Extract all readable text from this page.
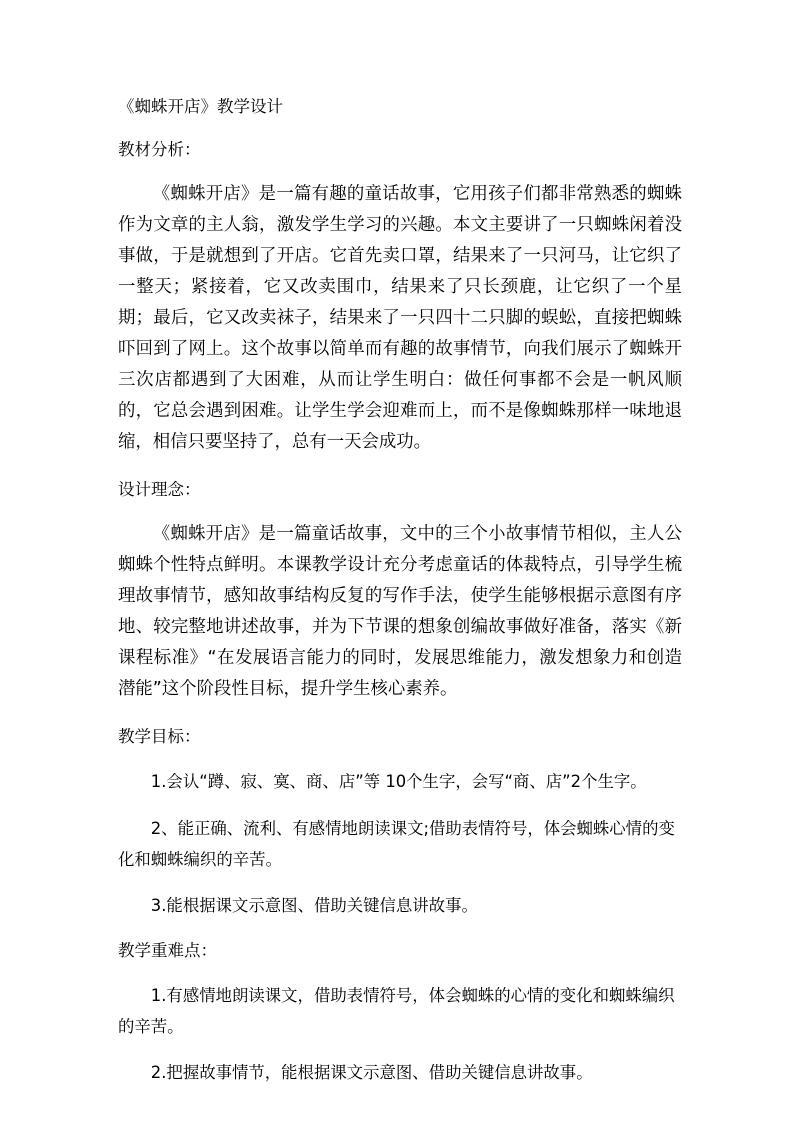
《蜘蛛开店》教学设计

教材分析：

《蜘蛛开店》是一篇有趣的童话故事，它用孩子们都非常熟悉的蜘蛛作为文章的主人翁，激发学生学习的兴趣。本文主要讲了一只蜘蛛闲着没事做，于是就想到了开店。它首先卖口罩，结果来了一只河马，让它织了一整天；紧接着，它又改卖围巾，结果来了只长颈鹿，让它织了一个星期；最后，它又改卖袜子，结果来了一只四十二只脚的蜈蚣，直接把蜘蛛吓回到了网上。这个故事以简单而有趣的故事情节，向我们展示了蜘蛛开三次店都遇到了大困难，从而让学生明白：做任何事都不会是一帆风顺的，它总会遇到困难。让学生学会迎难而上，而不是像蜘蛛那样一味地退缩，相信只要坚持了，总有一天会成功。

设计理念：

《蜘蛛开店》是一篇童话故事，文中的三个小故事情节相似，主人公蜘蛛个性特点鲜明。本课教学设计充分考虑童话的体裁特点，引导学生梳理故事情节，感知故事结构反复的写作手法，使学生能够根据示意图有序地、较完整地讲述故事，并为下节课的想象创编故事做好准备，落实《新课程标准》“在发展语言能力的同时，发展思维能力，激发想象力和创造潜能”这个阶段性目标，提升学生核心素养。

教学目标：

1.会认“蹲、寂、寞、商、店”等 10个生字，会写“商、店”2个生字。

2、能正确、流利、有感情地朗读课文;借助表情符号，体会蜘蛛心情的变化和蜘蛛编织的辛苦。

3.能根据课文示意图、借助关键信息讲故事。

教学重难点：

1.有感情地朗读课文，借助表情符号，体会蜘蛛的心情的变化和蜘蛛编织的辛苦。

2.把握故事情节，能根据课文示意图、借助关键信息讲故事。
